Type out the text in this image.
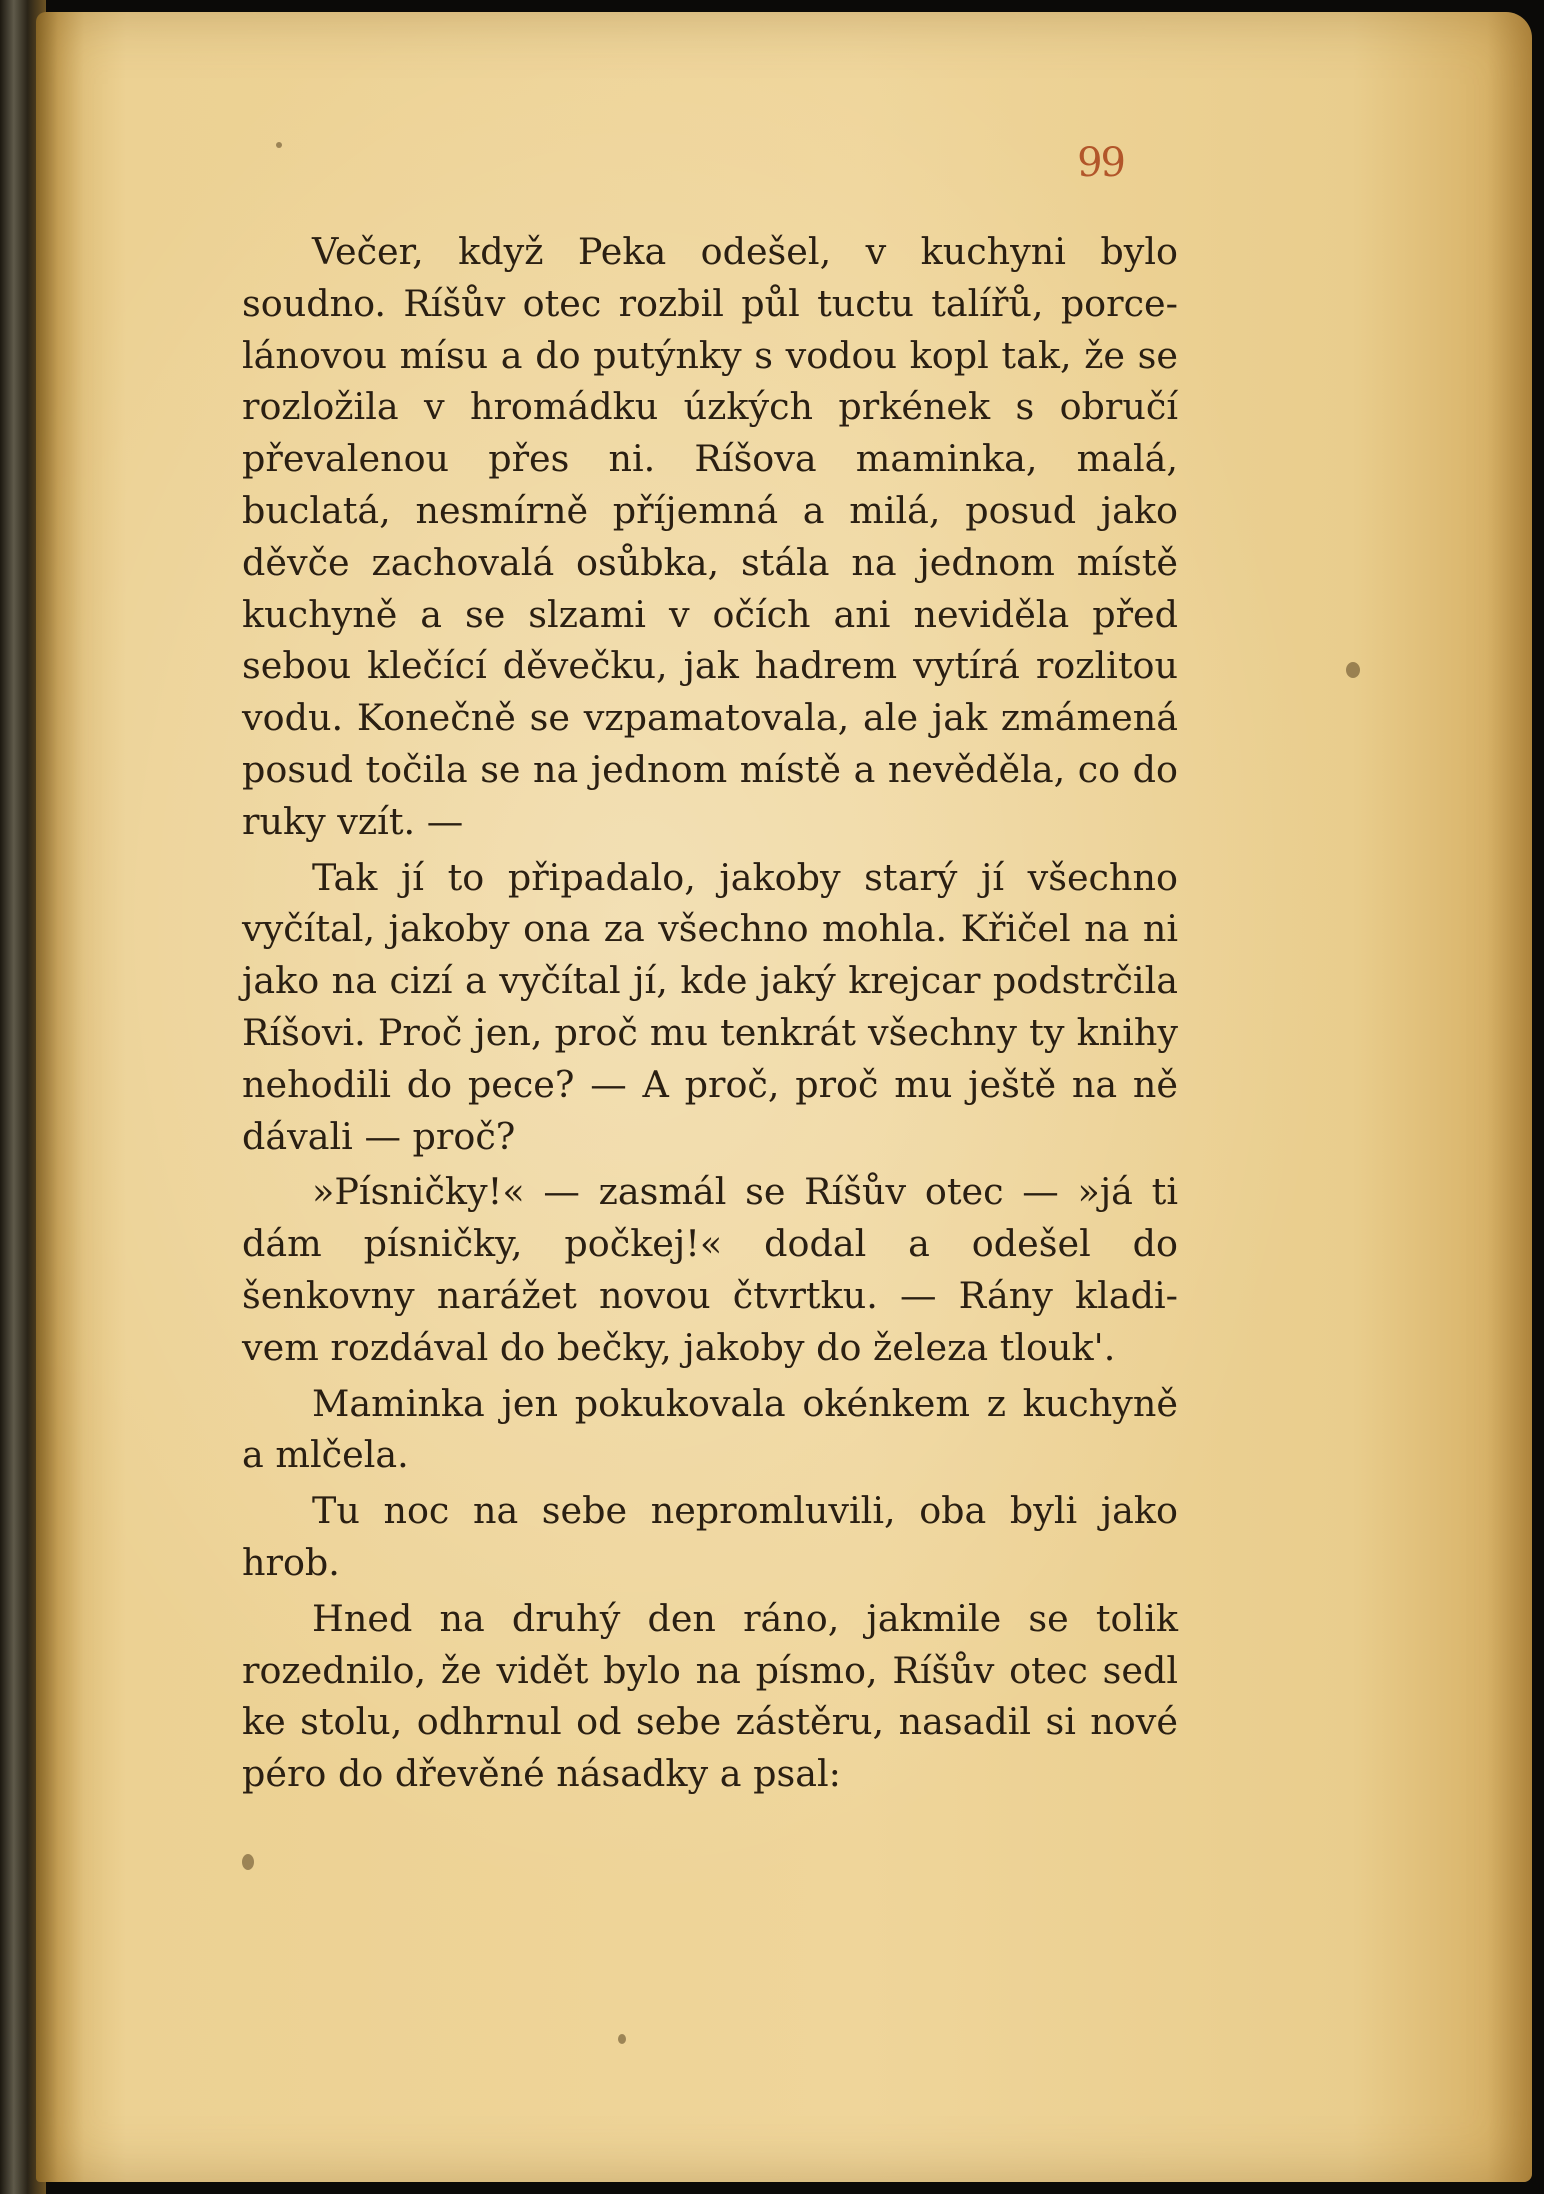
99

Večer, když Peka odešel, v kuchyni bylo soudno. Ríšův otec rozbil půl tuctu talířů, porcelánovou mísu a do putýnky s vodou kopl tak, že se rozložila v hromádku úzkých prkének s obručí převalenou přes ni. Ríšova maminka, malá, buclatá, nesmírně příjemná a milá, posud jako děvče zachovalá osůbka, stála na jednom místě kuchyně a se slzami v očích ani neviděla před sebou klečící děvečku, jak hadrem vytírá rozlitou vodu. Konečně se vzpamatovala, ale jak zmámená posud točila se na jednom místě a nevěděla, co do ruky vzít. —

Tak jí to připadalo, jakoby starý jí všechno vyčítal, jakoby ona za všechno mohla. Křičel na ni jako na cizí a vyčítal jí, kde jaký krejcar podstrčila Ríšovi. Proč jen, proč mu tenkrát všechny ty knihy nehodili do pece? — A proč, proč mu ještě na ně dávali — proč?

»Písničky!« — zasmál se Ríšův otec — »já ti dám písničky, počkej!« dodal a odešel do šenkovny narážet novou čtvrtku. — Rány kladivem rozdával do bečky, jakoby do železa tlouk'.

Maminka jen pokukovala okénkem z kuchyně a mlčela.

Tu noc na sebe nepromluvili, oba byli jako hrob.

Hned na druhý den ráno, jakmile se tolik rozednilo, že vidět bylo na písmo, Ríšův otec sedl ke stolu, odhrnul od sebe zástěru, nasadil si nové péro do dřevěné násadky a psal:
